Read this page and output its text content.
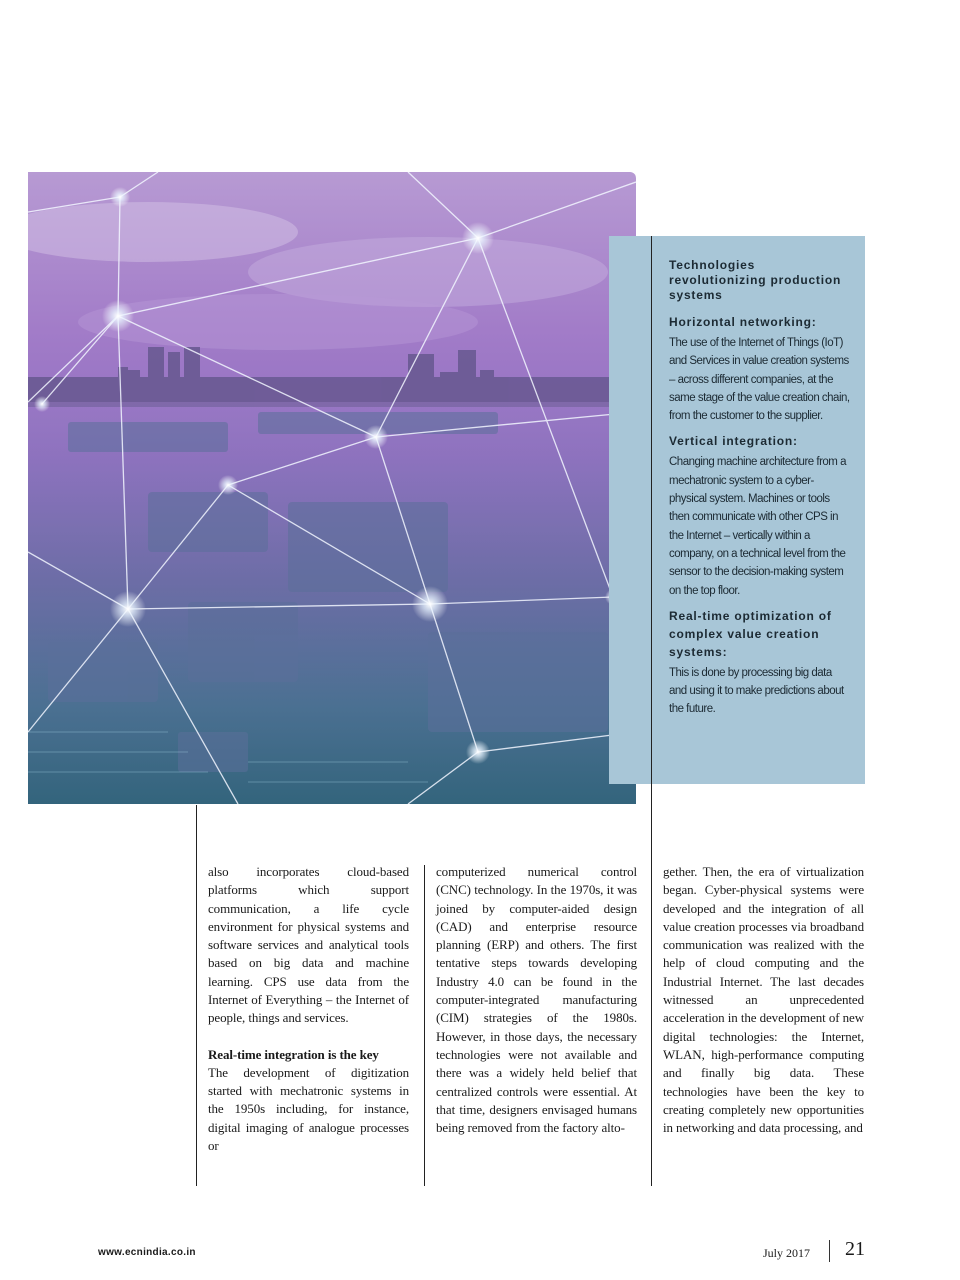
Technologies revolutionizing production systems
Horizontal networking:
The use of the Internet of Things (IoT) and Services in value creation systems – across different companies, at the same stage of the value creation chain, from the customer to the supplier.
Vertical integration:
Changing machine architecture from a mechatronic system to a cyber-physical system. Machines or tools then communicate with other CPS in the Internet – vertically within a company, on a technical level from the sensor to the decision-making system on the top floor.
Real-time optimization of complex value creation systems:
This is done by processing big data and using it to make predictions about the future.

also incorporates cloud-based platforms which support communication, a life cycle environment for physical systems and software services and analytical tools based on big data and machine learning. CPS use data from the Internet of Everything – the Internet of people, things and services.

Real-time integration is the key

The development of digitization started with mechatronic systems in the 1950s including, for instance, digital imaging of analogue processes or

computerized numerical control (CNC) technology. In the 1970s, it was joined by computer-aided design (CAD) and enterprise resource planning (ERP) and others. The first tentative steps towards developing Industry 4.0 can be found in the computer-integrated manufacturing (CIM) strategies of the 1980s. However, in those days, the necessary technologies were not available and there was a widely held belief that centralized controls were essential. At that time, designers envisaged humans being removed from the factory alto-

gether. Then, the era of virtualization began. Cyber-physical systems were developed and the integration of all value creation processes via broadband communication was realized with the help of cloud computing and the Industrial Internet. The last decades witnessed an unprecedented acceleration in the development of new digital technologies: the Internet, WLAN, high-performance computing and finally big data. These technologies have been the key to creating completely new opportunities in networking and data processing, and

www.ecnindia.co.in	July 2017 21
